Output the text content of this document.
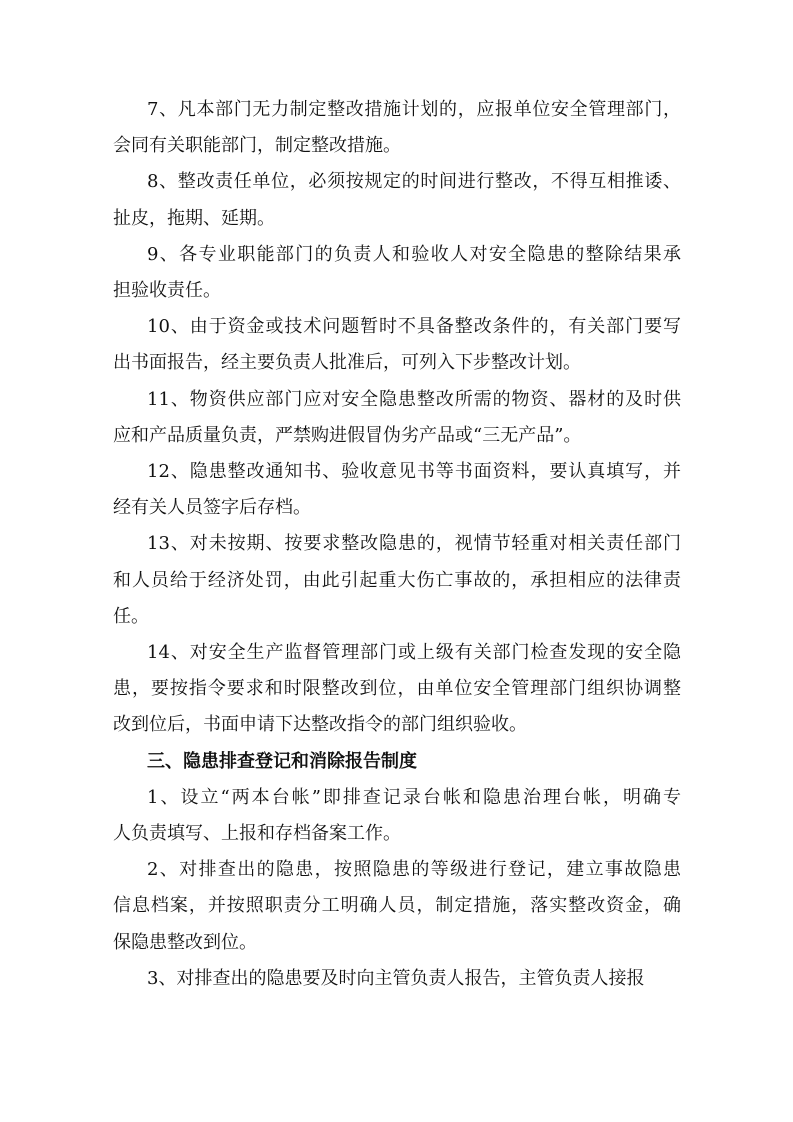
7、凡本部门无力制定整改措施计划的，应报单位安全管理部门，
会同有关职能部门，制定整改措施。
8、整改责任单位，必须按规定的时间进行整改，不得互相推诿、
扯皮，拖期、延期。
9、各专业职能部门的负责人和验收人对安全隐患的整除结果承
担验收责任。
10、由于资金或技术问题暂时不具备整改条件的，有关部门要写
出书面报告，经主要负责人批准后，可列入下步整改计划。
11、物资供应部门应对安全隐患整改所需的物资、器材的及时供
应和产品质量负责，严禁购进假冒伪劣产品或“三无产品”。
12、隐患整改通知书、验收意见书等书面资料，要认真填写，并
经有关人员签字后存档。
13、对未按期、按要求整改隐患的，视情节轻重对相关责任部门
和人员给于经济处罚，由此引起重大伤亡事故的，承担相应的法律责
任。
14、对安全生产监督管理部门或上级有关部门检查发现的安全隐
患，要按指令要求和时限整改到位，由单位安全管理部门组织协调整
改到位后，书面申请下达整改指令的部门组织验收。
三、隐患排查登记和消除报告制度
1、设立“两本台帐”即排查记录台帐和隐患治理台帐，明确专
人负责填写、上报和存档备案工作。
2、对排查出的隐患，按照隐患的等级进行登记，建立事故隐患
信息档案，并按照职责分工明确人员，制定措施，落实整改资金，确
保隐患整改到位。
3、对排查出的隐患要及时向主管负责人报告，主管负责人接报
